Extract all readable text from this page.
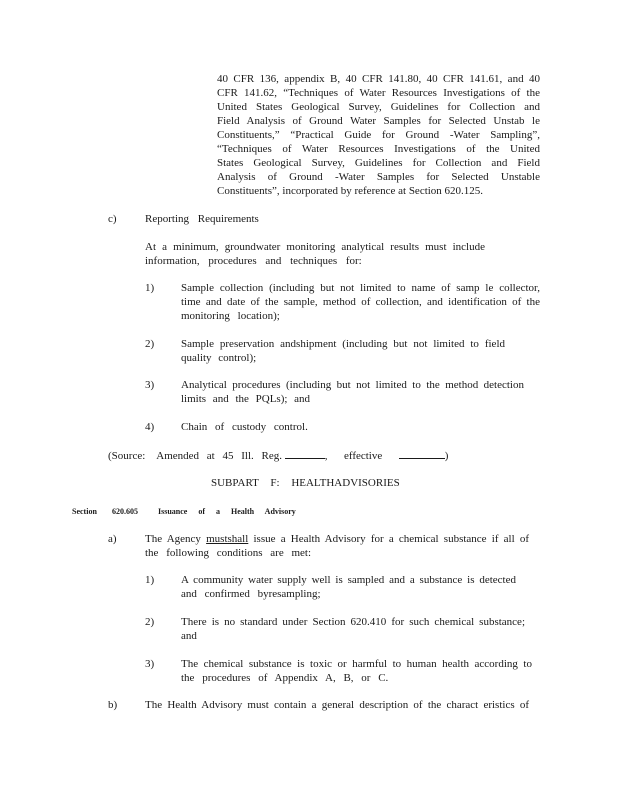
40 CFR 136, appendix B, 40 CFR 141.80, 40 CFR 141.61, and 40
CFR 141.62, “Techniques of Water Resources Investigations of the
United States Geological Survey, Guidelines for Collection and
Field Analysis of Ground Water Samples for Selected Unstab le
Constituents,” “Practical Guide for Ground -Water Sampling”,
“Techniques of Water Resources Investigations of the United
States Geological Survey, Guidelines for Collection and Field
Analysis of Ground -Water Samples for Selected Unstable
Constituents”, incorporated by reference at Section 620.125.
c)	Reporting Requirements
At a minimum, groundwater monitoring analytical results must include
information, procedures and techniques for:
1) Sample collection (including but not limited to name of samp le collector,
time and date of the sample, method of collection, and identification of the
monitoring location);
2) Sample preservation andshipment (including but not limited to field
quality control);
3) Analytical procedures (including but not limited to the method detection
limits and the PQLs); and
4) Chain of custody control.
(Source: Amended at 45 Ill. Reg.	, effective	)
SUBPART F: HEALTHADVISORIES
Section 620.605	Issuance of a Health Advisory
a)	The Agency mustshall issue a Health Advisory for a chemical substance if all of
the following conditions are met:
1) A community water supply well is sampled and a substance is detected
and confirmed byresampling;
2) There is no standard under Section 620.410 for such chemical substance;
and
3) The chemical substance is toxic or harmful to human health according to
the procedures of Appendix A, B, or C.
b)	The Health Advisory must contain a general description of the charact eristics of
